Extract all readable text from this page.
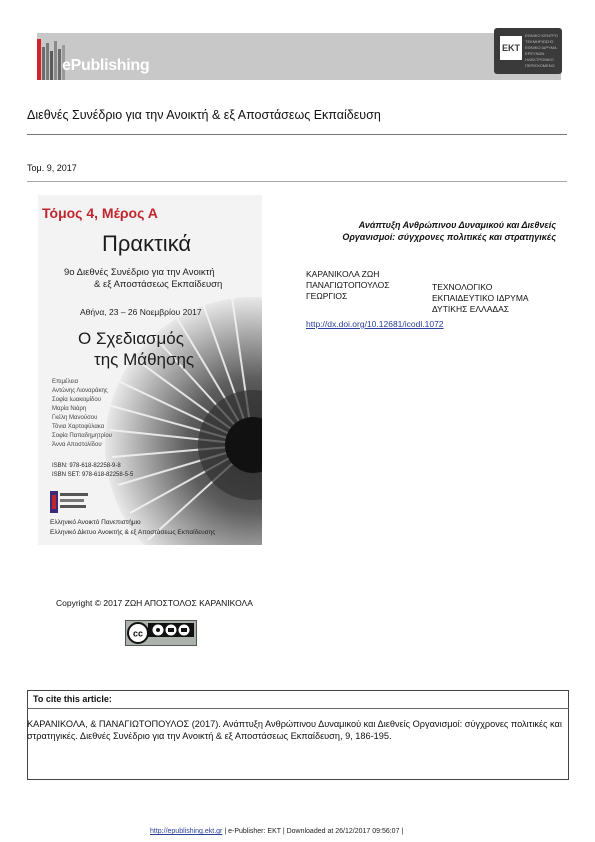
ePublishing
EKT
ΕΘΝΙΚΟ ΚΕΝΤΡΟ
ΤΕΚΜΗΡΙΩΣΗΣ
ΕΘΝΙΚΟ ΙΔΡΥΜΑ
ΕΡΕΥΝΩΝ
ΗΛΕΚΤΡΟΝΙΚΟ
ΠΕΡΙΕΧΟΜΕΝΟ
Διεθνές Συνέδριο για την Ανοικτή & εξ Αποστάσεως Εκπαίδευση
Τομ. 9, 2017
Τόμος 4, Μέρος Α
Πρακτικά
9ο Διεθνές Συνέδριο για την Ανοικτή
& εξ Αποστάσεως Εκπαίδευση
Αθήνα, 23 – 26 Νοεμβρίου 2017
Ο Σχεδιασμός
της Μάθησης
Επιμέλεια
Αντώνης Λιοναράκης
Σοφία Ιωακειμίδου
Μαρία Νιάρη
Γκέλη Μανούσου
Τόνια Χαρτοφύλακα
Σοφία Παπαδημητρίου
Άννα Αποστολίδου
ISBN: 978-618-82258-9-8
ISBN SET: 978-618-82258-5-5
Ελληνικό Ανοικτό Πανεπιστήμιο
Ελληνικό Δίκτυο Ανοικτής & εξ Αποστάσεως Εκπαίδευσης
Ανάπτυξη Ανθρώπινου Δυναμικού και Διεθνείς
Οργανισμοί: σύγχρονες πολιτικές και στρατηγικές
ΚΑΡΑΝΙΚΟΛΑ ΖΩΗ
ΠΑΝΑΓΙΩΤΟΠΟΥΛΟΣ
ΓΕΩΡΓΙΟΣ
ΤΕΧΝΟΛΟΓΙΚΟ
ΕΚΠΑΙΔΕΥΤΙΚΟ ΙΔΡΥΜΑ
ΔΥΤΙΚΗΣ ΕΛΛΑΔΑΣ
http://dx.doi.org/10.12681/icodl.1072
Copyright © 2017 ΖΩΗ ΑΠΟΣΤΟΛΟΣ ΚΑΡΑΝΙΚΟΛΑ
cc
To cite this article:
ΚΑΡΑΝΙΚΟΛΑ, & ΠΑΝΑΓΙΩΤΟΠΟΥΛΟΣ (2017). Ανάπτυξη Ανθρώπινου Δυναμικού και Διεθνείς Οργανισμοί: σύγχρονες πολιτικές και στρατηγικές. Διεθνές Συνέδριο για την Ανοικτή & εξ Αποστάσεως Εκπαίδευση, 9, 186-195.
http://epublishing.ekt.gr | e-Publisher: EKT | Downloaded at 26/12/2017 09:56:07 |
